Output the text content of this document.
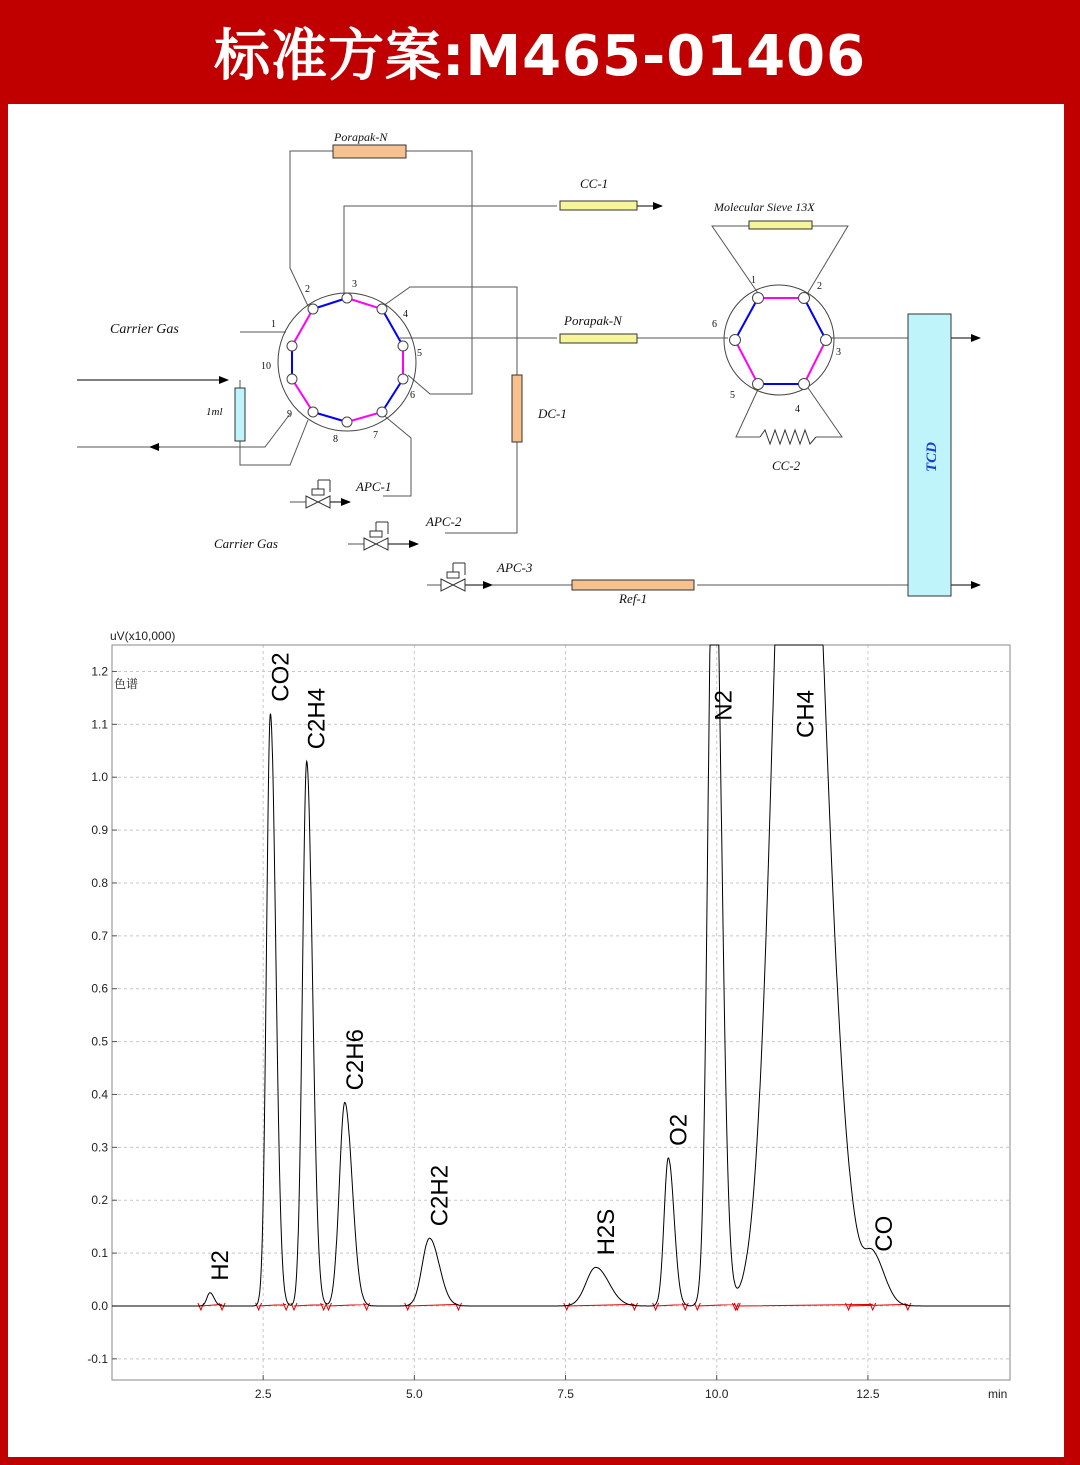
标准方案:M465-01406
Porapak-N
CC-1
Molecular Sieve 13X
Carrier Gas
Porapak-N
1ml	DC-1
CC-2	TCD
APC-1
APC-2
Carrier Gas
APC-3
Ref-1
1
2	3
4
5
6
7
8
9
10
1
2
3
4
5
6
1.2
1.1
1.0
0.9
0.8
0.7
0.6
0.5
0.4
0.3
0.2
0.1
0.0
-0.1
2.5	5.0	7.5	10.0	12.5
H2
CO2
C2H4
C2H6
C2H2
H2S
O2
N2 CH4
CO
uV(x10,000)
色谱
min
